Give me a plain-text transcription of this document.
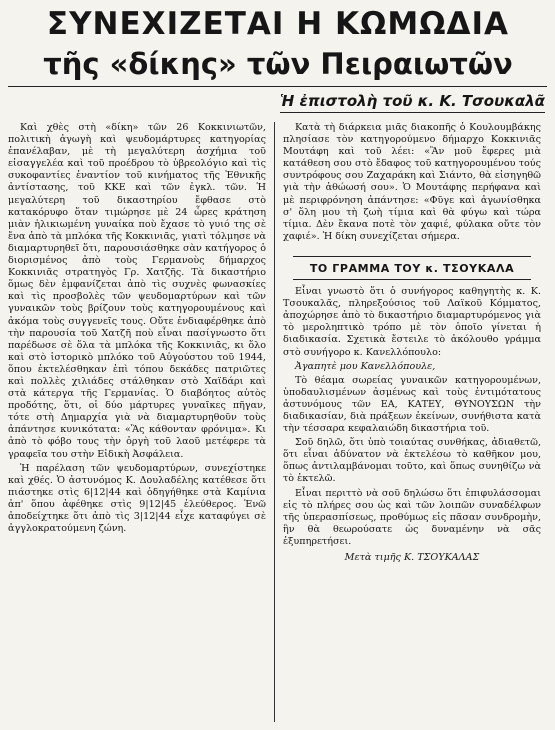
ΣΥΝΕΧΙΖΕΤΑΙ Η ΚΩΜΩΔΙΑ
τῆς «δίκης» τῶν Πειραιωτῶν
Ἡ ἐπιστολὴ τοῦ κ. Κ. Τσουκαλᾶ

Καὶ χθὲς στὴ «δίκη» τῶν 26 Κοκκινιωτῶν, πολιτικὴ ἀγωγὴ καὶ ψευδομάρτυρες κατηγορίας ἐπανέλαβαν, μὲ τὴ μεγαλύτερη ἀσχήμια τοῦ εἰσαγγελέα καὶ τοῦ προέδρου τὸ ὑβρεολόγιο καὶ τὶς συκοφαντίες ἐναντίον τοῦ κινήματος τῆς Ἐθνικῆς ἀντίστασης, τοῦ ΚΚΕ καὶ τῶν ἐγκλ. τῶν. Ἡ μεγαλύτερη τοῦ δικαστηρίου ἔφθασε στὸ κατακόρυφο ὅταν τιμώρησε μὲ 24 ὧρες κράτηση μιὰν ἡλικιωμένη γυναίκα ποὺ ἔχασε τὸ γυιό της σὲ ἔνα ἀπὸ τὰ μπλόκα τῆς Κοκκινιᾶς, γιατὶ τόλμησε νὰ διαμαρτυρηθεῖ ὅτι, παρουσιάσθηκε σὰν κατήγορος ὁ διορισμένος ἀπὸ τοὺς Γερμανοὺς δήμαρχος Κοκκινιᾶς στρατηγὸς Γρ. Χατζῆς. Τὰ δικαστήριο ὅμως δὲν ἐμφανίζεται ἀπὸ τὶς συχνὲς φωνασκίες καὶ τὶς προσβολὲς τῶν ψευδομαρτύρων καὶ τῶν γυναικῶν τοὺς βρίζουν τοὺς κατηγορουμένους καὶ ἀκόμα τοὺς συγγενεῖς τους. Οὔτε ἐνδιαφέρθηκε ἀπὸ τὴν παρουσία τοῦ Χατζῆ ποὺ εἶναι πασίγνωστο ὅτι παρέδωσε σὲ ὅλα τὰ μπλόκα τῆς Κοκκινιᾶς, κι ὅλο καὶ στὸ ἱστορικὸ μπλόκο τοῦ Αὐγούστου τοῦ 1944, ὅπου ἐκτελέσθηκαν ἐπὶ τόπου δεκάδες πατριῶτες καὶ πολλὲς χιλιάδες στάλθηκαν στὸ Χαϊδάρι καὶ στὰ κάτεργα τῆς Γερμανίας. Ὁ διαβόητος αὐτὸς προδότης, ὅτι, οἱ δύο μάρτυρες γυναῖκες πῆγαν, τότε στὴ Δημαρχία γιὰ νὰ διαμαρτυρηθοῦν τοὺς ἀπάντησε κυνικότατα: «Ἂς κάθονταν φρόνιμα». Κι ἀπὸ τὸ φόβο τους τὴν ὀργὴ τοῦ λαοῦ μετέφερε τὰ γραφεῖα του στὴν Εἰδικὴ Ἀσφάλεια.

Ἡ παρέλαση τῶν ψευδομαρτύρων, συνεχίστηκε καὶ χθές. Ὁ ἀστυνόμος Κ. Δουλαδέλης κατέθεσε ὅτι πιάστηκε στὶς 6|12|44 καὶ ὁδηγήθηκε στὰ Καμίνια ἀπ' ὅπου ἀφέθηκε στὶς 9|12|45 ἐλεύθερος. Ἐνῶ ἀποδείχτηκε ὅτι ἀπὸ τὶς 3|12|44 εἶχε καταφύγει σὲ ἀγγλοκρατούμενη ζώνη.

Κατὰ τὴ διάρκεια μιᾶς διακοπῆς ὁ Κουλουμβάκης πλησίασε τὸν κατηγορούμενο δήμαρχο Κοκκινιᾶς Μουτάφη καὶ τοῦ λέει: «Ἂν μοῦ ἔφερες μιὰ κατάθεση σου στὸ ἔδαφος τοῦ κατηγορουμένου τούς συντρόφους σου Ζαχαράκη καὶ Σιάντο, θὰ εἰσηγηθῶ γιὰ τὴν ἀθώωσή σου». Ὁ Μουτάφης περήφανα καὶ μὲ περιφρόνηση ἀπάντησε: «Φῦγε καὶ ἀγωνίσθηκα σ' ὅλη μου τὴ ζωὴ τίμια καὶ θὰ φύγω καὶ τώρα τίμια. Δὲν ἔκανα ποτὲ τὸν χαφιέ, φύλακα οὔτε τὸν χαφιέ». Ἡ δίκη συνεχίζεται σήμερα.

ΤΟ ΓΡΑΜΜΑ ΤΟΥ κ. ΤΣΟΥΚΑΛΑ

Εἶναι γνωστὸ ὅτι ὁ συνήγορος καθηγητὴς κ. Κ. Τσουκαλᾶς, πληρεξούσιος τοῦ Λαϊκοῦ Κόμματος, ἀποχώρησε ἀπὸ τὸ δικαστήριο διαμαρτυρόμενος γιὰ τὸ μεροληπτικὸ τρόπο μὲ τὸν ὁποῖο γίνεται ἡ διαδικασία. Σχετικὰ ἔστειλε τὸ ἀκόλουθο γράμμα στὸ συνήγορο κ. Κανελλόπουλο:

Ἀγαπητὲ μου Κανελλόπουλε,

Τὸ θέαμα σωρείας γυναικῶν κατηγορουμένων, ὑποδαυλισμένων ἀσμένως καὶ τοὺς ἐντιμότατους ἀστυνόμους τῶν ΕΑ, ΚΑΤΕΥ, ΘΥΝΟΥΣΩΝ τὴν διαδικασίαν, διὰ πράξεων ἐκείνων, συνήθιστα κατὰ τὴν τέσσαρα κεφαλαιώδη δικαστήρια τοῦ.

Σοῦ δηλῶ, ὅτι ὑπὸ τοιαύτας συνθήκας, ἀδιαθετῶ, ὅτι εἶναι ἀδύνατον νὰ ἐκτελέσω τὸ καθῆκον μου, ὅπως ἀντιλαμβάνομαι τοῦτο, καὶ ὅπως συνηθίζω νὰ τὸ ἐκτελῶ.

Εἶναι περιττὸ νὰ σοῦ δηλώσω ὅτι ἐπιφυλάσσομαι εἰς τὸ πλήρες σου ὡς καὶ τῶν λοιπῶν συναδέλφων τῆς ὑπερασπίσεως, προθύμως εἰς πᾶσαν συνδρομὴν, ἣν θὰ θεωρούσατε ὡς δυναμένην νὰ σᾶς ἐξυπηρετήσει.

Μετὰ τιμῆς Κ. ΤΣΟΥΚΑΛΑΣ
